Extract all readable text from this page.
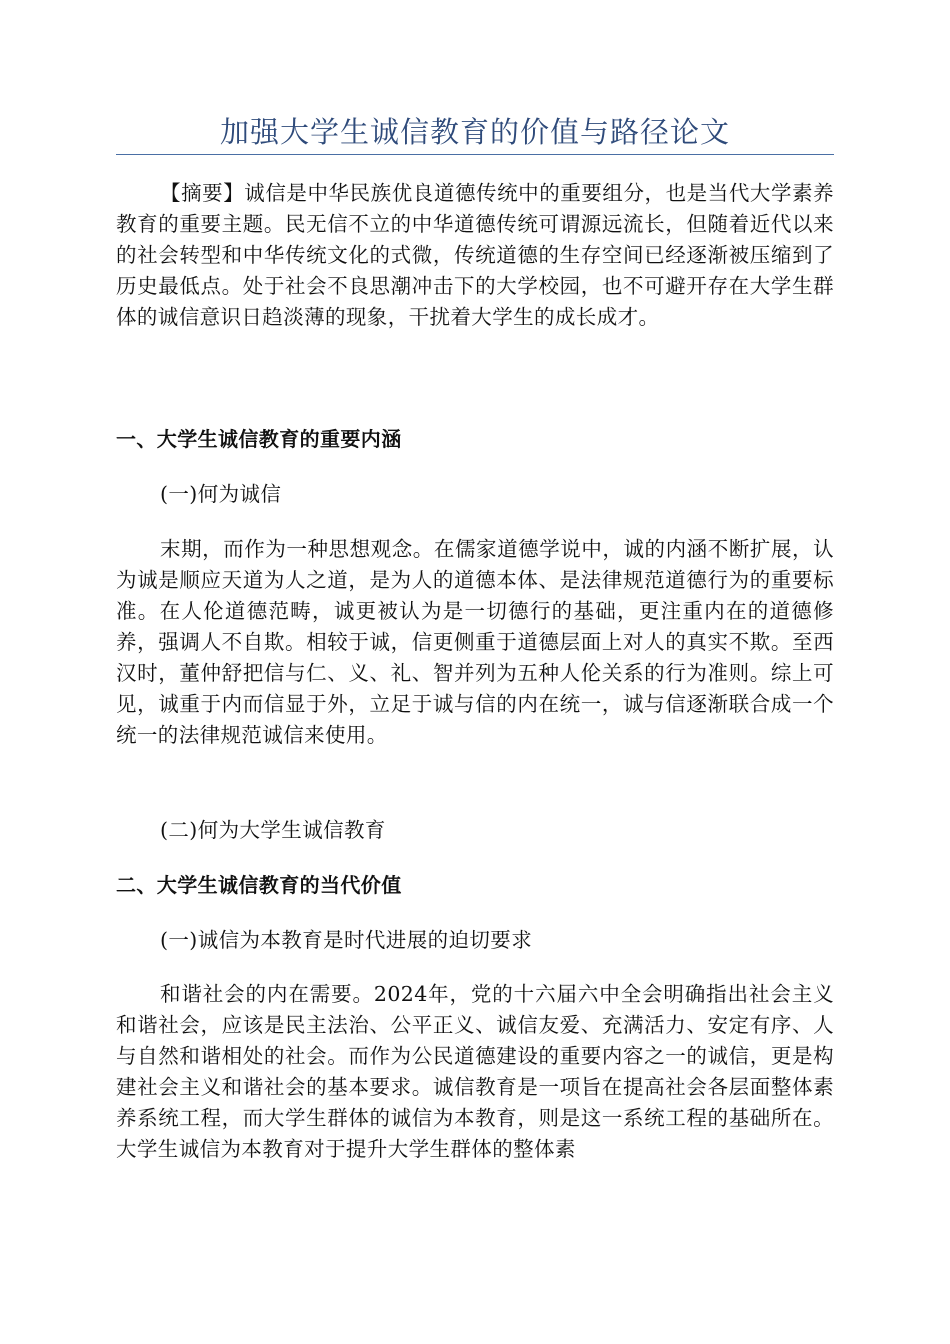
加强大学生诚信教育的价值与路径论文
【摘要】诚信是中华民族优良道德传统中的重要组分，也是当代大学素养教育的重要主题。民无信不立的中华道德传统可谓源远流长，但随着近代以来的社会转型和中华传统文化的式微，传统道德的生存空间已经逐渐被压缩到了历史最低点。处于社会不良思潮冲击下的大学校园，也不可避开存在大学生群体的诚信意识日趋淡薄的现象，干扰着大学生的成长成才。
一、大学生诚信教育的重要内涵
(一)何为诚信
末期，而作为一种思想观念。在儒家道德学说中，诚的内涵不断扩展，认为诚是顺应天道为人之道，是为人的道德本体、是法律规范道德行为的重要标准。在人伦道德范畴，诚更被认为是一切德行的基础，更注重内在的道德修养，强调人不自欺。相较于诚，信更侧重于道德层面上对人的真实不欺。至西汉时，董仲舒把信与仁、义、礼、智并列为五种人伦关系的行为准则。综上可见，诚重于内而信显于外，立足于诚与信的内在统一，诚与信逐渐联合成一个统一的法律规范诚信来使用。
(二)何为大学生诚信教育
二、大学生诚信教育的当代价值
(一)诚信为本教育是时代进展的迫切要求
和谐社会的内在需要。2024年，党的十六届六中全会明确指出社会主义和谐社会，应该是民主法治、公平正义、诚信友爱、充满活力、安定有序、人与自然和谐相处的社会。而作为公民道德建设的重要内容之一的诚信，更是构建社会主义和谐社会的基本要求。诚信教育是一项旨在提高社会各层面整体素养系统工程，而大学生群体的诚信为本教育，则是这一系统工程的基础所在。大学生诚信为本教育对于提升大学生群体的整体素
